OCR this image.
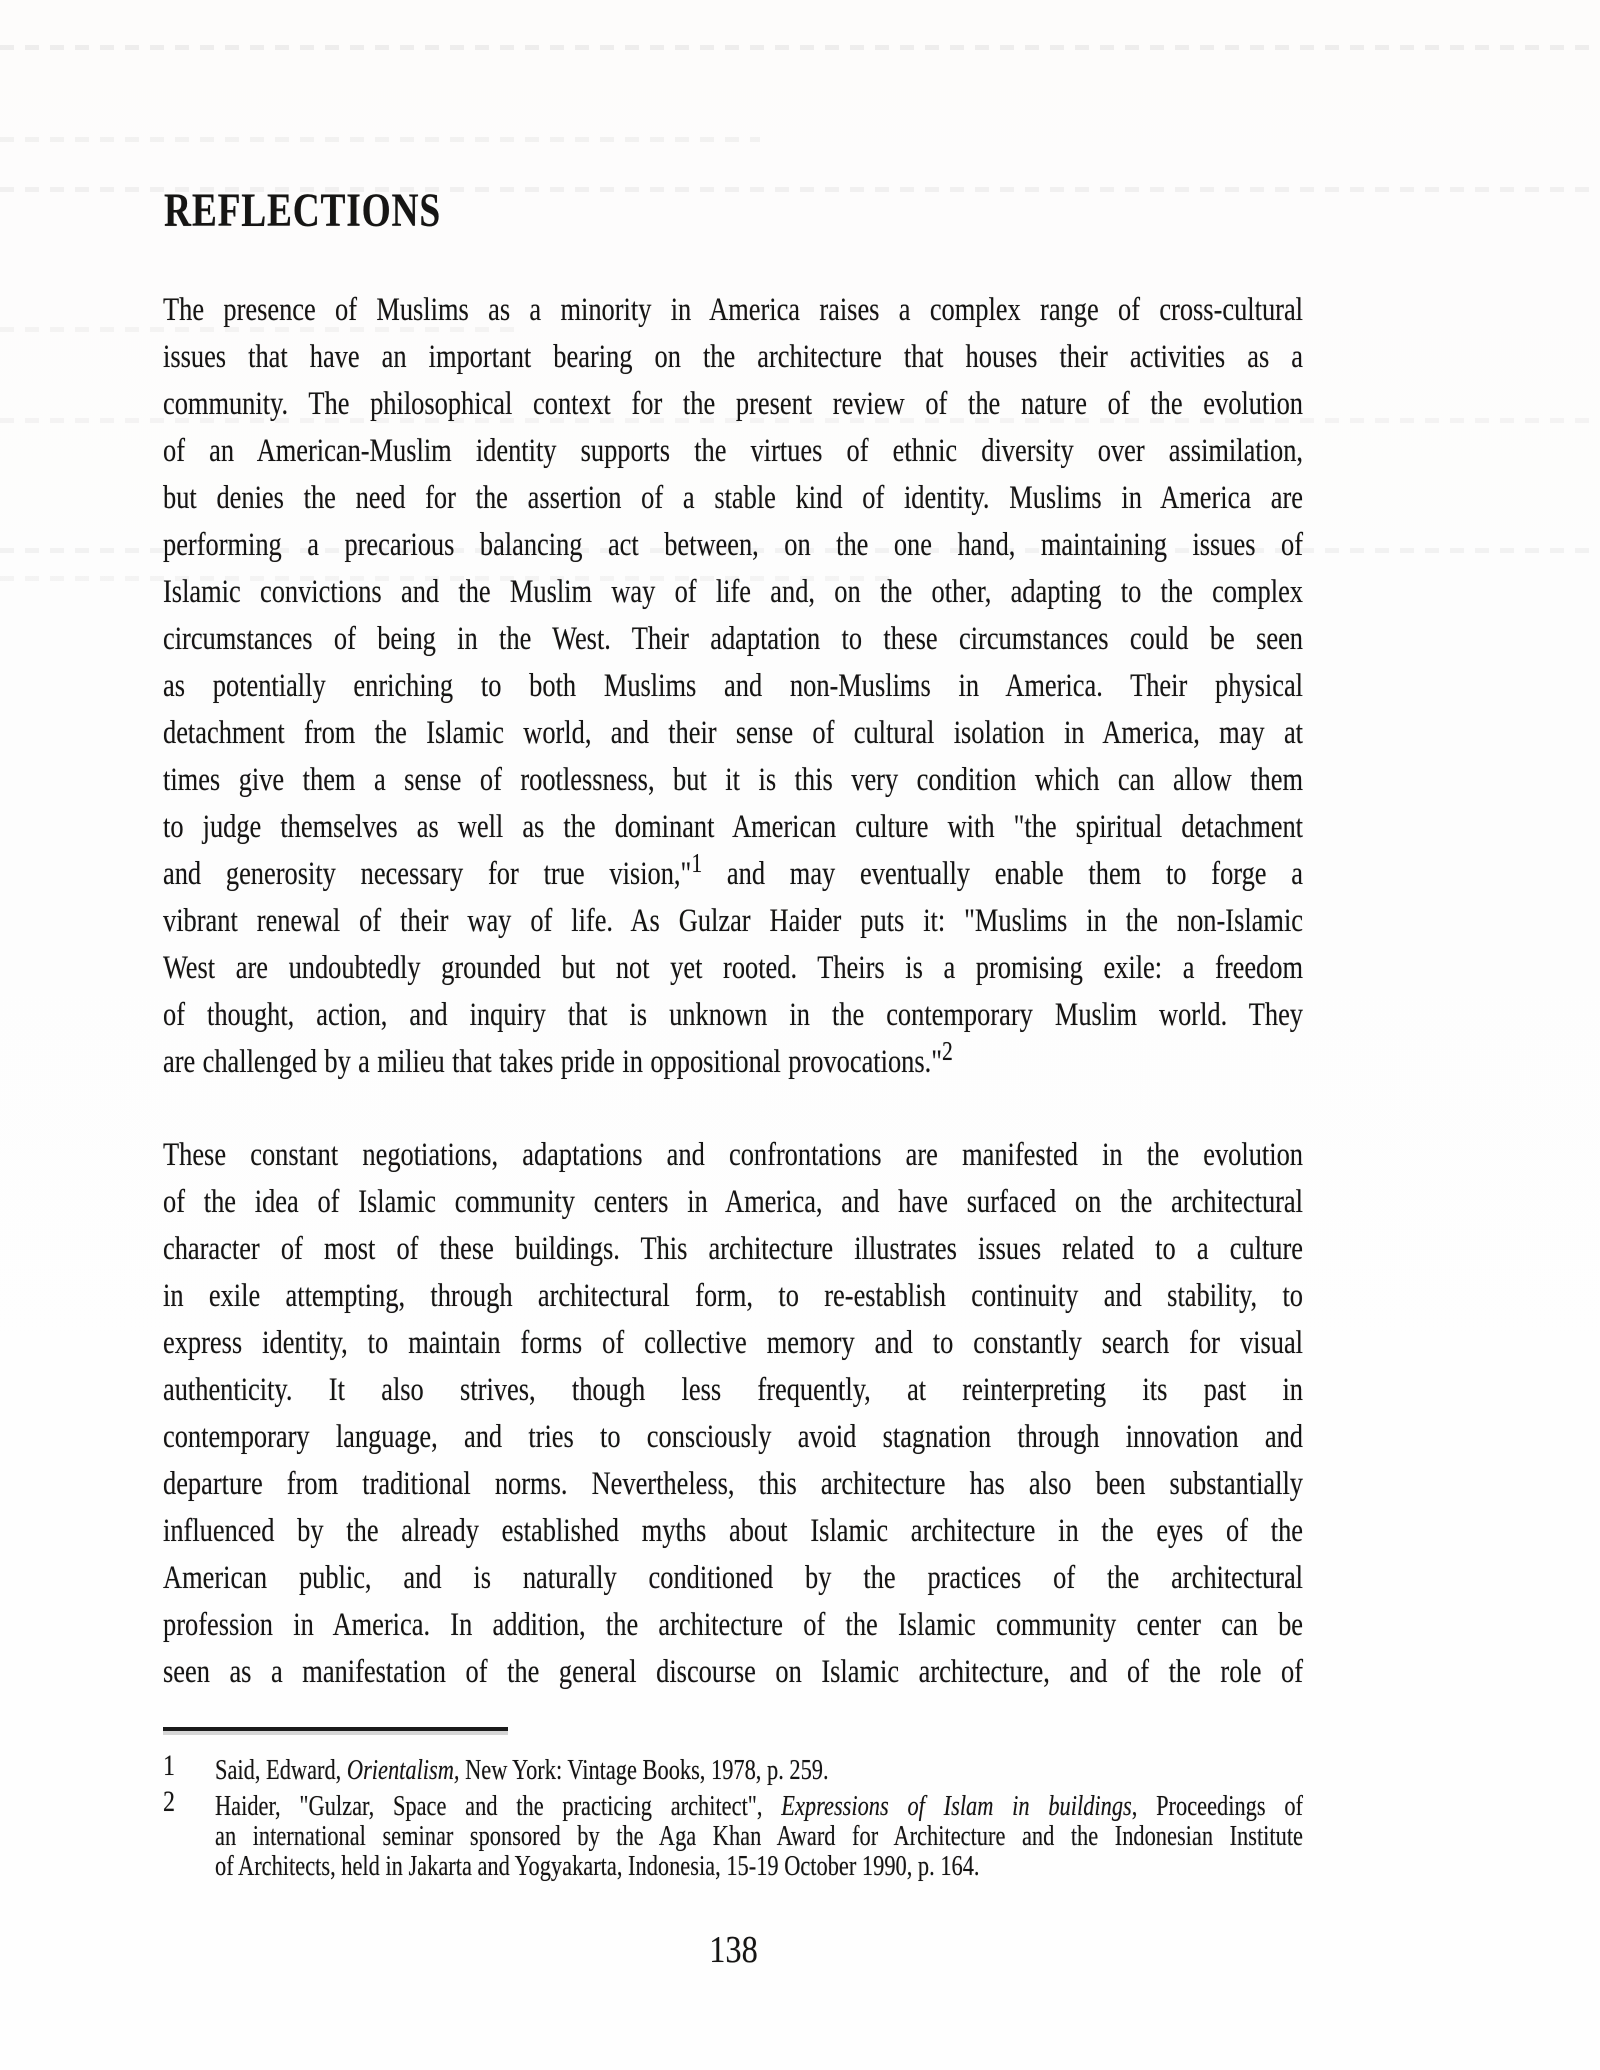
REFLECTIONS
The presence of Muslims as a minority in America raises a complex range of cross-cultural
issues that have an important bearing on the architecture that houses their activities as a
community. The philosophical context for the present review of the nature of the evolution
of an American-Muslim identity supports the virtues of ethnic diversity over assimilation,
but denies the need for the assertion of a stable kind of identity. Muslims in America are
performing a precarious balancing act between, on the one hand, maintaining issues of
Islamic convictions and the Muslim way of life and, on the other, adapting to the complex
circumstances of being in the West. Their adaptation to these circumstances could be seen
as potentially enriching to both Muslims and non-Muslims in America. Their physical
detachment from the Islamic world, and their sense of cultural isolation in America, may at
times give them a sense of rootlessness, but it is this very condition which can allow them
to judge themselves as well as the dominant American culture with "the spiritual detachment
and generosity necessary for true vision,"$^1$ and may eventually enable them to forge a
vibrant renewal of their way of life. As Gulzar Haider puts it: "Muslims in the non-Islamic
West are undoubtedly grounded but not yet rooted. Theirs is a promising exile: a freedom
of thought, action, and inquiry that is unknown in the contemporary Muslim world. They
are challenged by a milieu that takes pride in oppositional provocations."$^2$
These constant negotiations, adaptations and confrontations are manifested in the evolution
of the idea of Islamic community centers in America, and have surfaced on the architectural
character of most of these buildings. This architecture illustrates issues related to a culture
in exile attempting, through architectural form, to re-establish continuity and stability, to
express identity, to maintain forms of collective memory and to constantly search for visual
authenticity. It also strives, though less frequently, at reinterpreting its past in
contemporary language, and tries to consciously avoid stagnation through innovation and
departure from traditional norms. Nevertheless, this architecture has also been substantially
influenced by the already established myths about Islamic architecture in the eyes of the
American public, and is naturally conditioned by the practices of the architectural
profession in America. In addition, the architecture of the Islamic community center can be
seen as a manifestation of the general discourse on Islamic architecture, and of the role of
1 Said, Edward, Orientalism, New York: Vintage Books, 1978, p. 259.
2 Haider, "Gulzar, Space and the practicing architect", Expressions of Islam in buildings, Proceedings of
an international seminar sponsored by the Aga Khan Award for Architecture and the Indonesian Institute
of Architects, held in Jakarta and Yogyakarta, Indonesia, 15-19 October 1990, p. 164.
138
